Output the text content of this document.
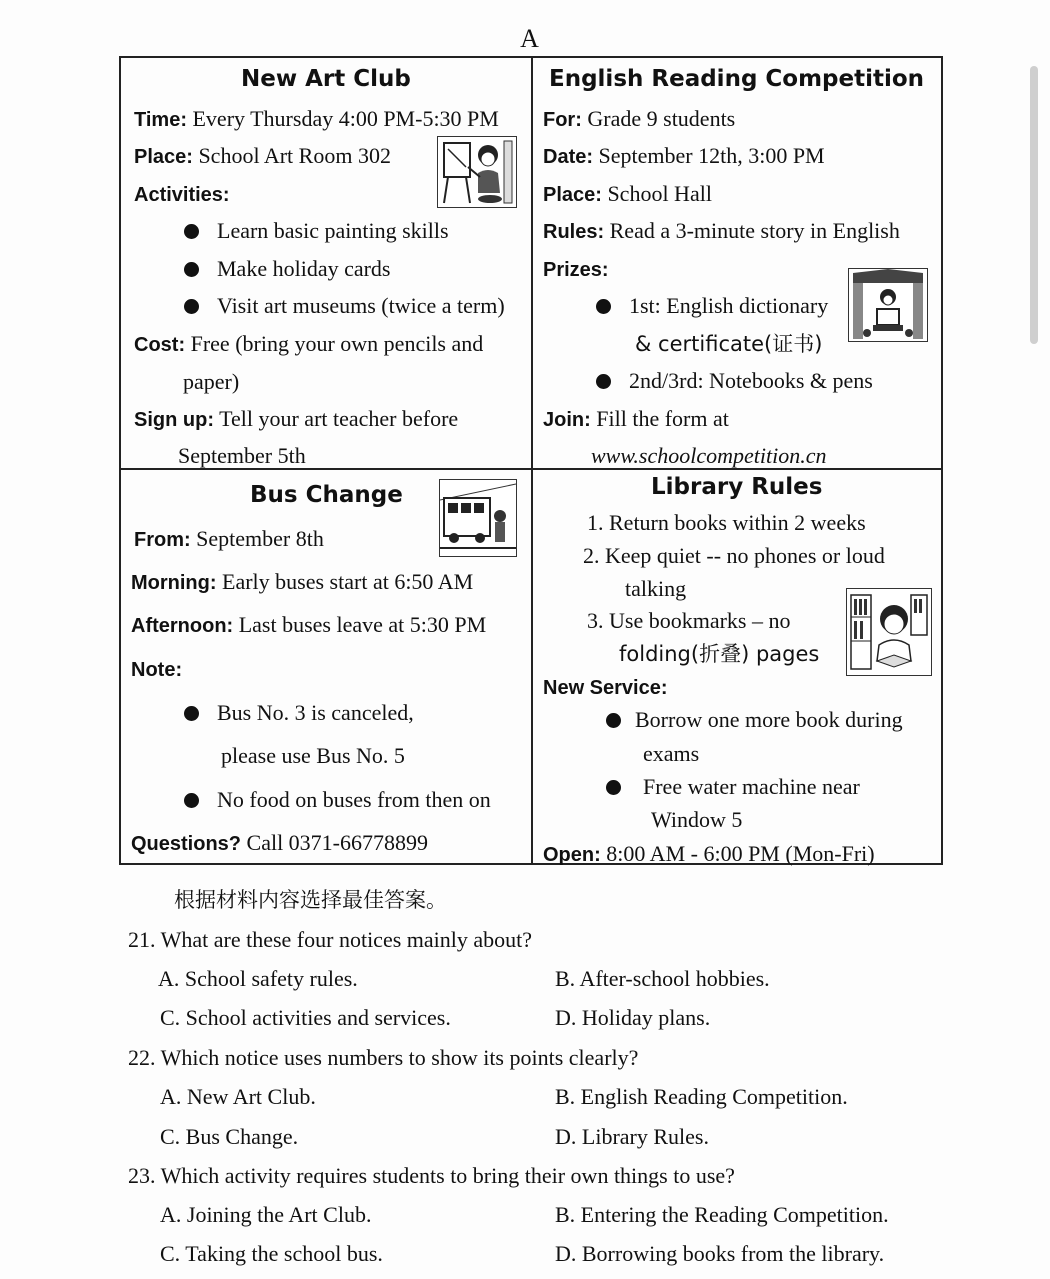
A
New Art Club
Time: Every Thursday 4:00 PM-5:30 PM
Place: School Art Room 302
Activities:
Learn basic painting skills
Make holiday cards
Visit art museums (twice a term)
Cost: Free (bring your own pencils and
paper)
Sign up: Tell your art teacher before
September 5th
English Reading Competition
For: Grade 9 students
Date: September 12th, 3:00 PM
Place: School Hall
Rules: Read a 3-minute story in English
Prizes:
1st: English dictionary
& certificate(证书)
2nd/3rd: Notebooks & pens
Join: Fill the form at
www.schoolcompetition.cn
Bus Change
From: September 8th
Morning: Early buses start at 6:50 AM
Afternoon: Last buses leave at 5:30 PM
Note:
Bus No. 3 is canceled,
please use Bus No. 5
No food on buses from then on
Questions? Call 0371-66778899
Library Rules
1. Return books within 2 weeks
2. Keep quiet -- no phones or loud
talking
3. Use bookmarks – no
folding(折叠) pages
New Service:
Borrow one more book during
exams
Free water machine near
Window 5
Open: 8:00 AM - 6:00 PM (Mon-Fri)
根据材料内容选择最佳答案。
21. What are these four notices mainly about?
A. School safety rules.	B. After-school hobbies.
C. School activities and services.	D. Holiday plans.
22. Which notice uses numbers to show its points clearly?
A. New Art Club.	B. English Reading Competition.
C. Bus Change.	D. Library Rules.
23. Which activity requires students to bring their own things to use?
A. Joining the Art Club.	B. Entering the Reading Competition.
C. Taking the school bus.	D. Borrowing books from the library.
